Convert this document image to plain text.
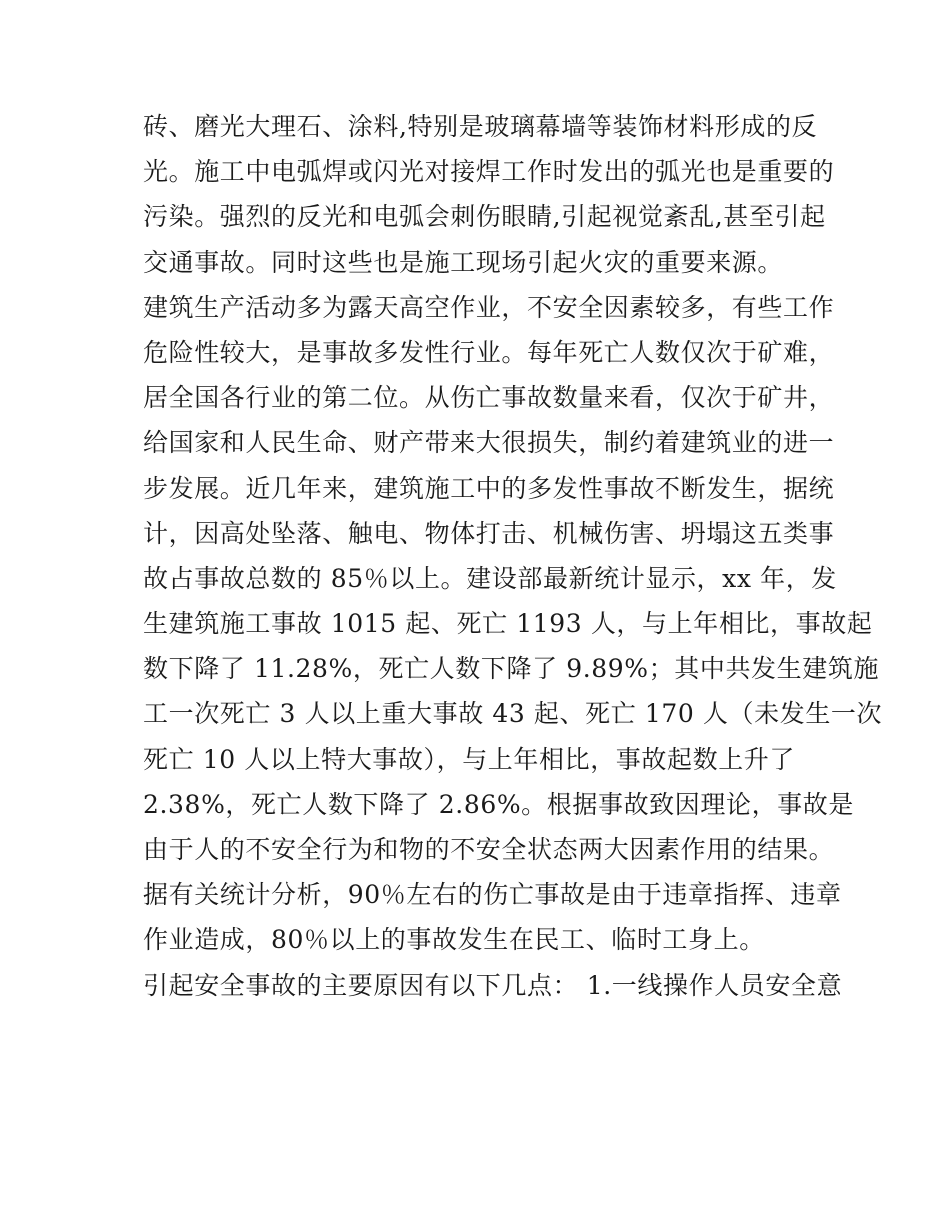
砖、磨光大理石、涂料,特别是玻璃幕墙等装饰材料形成的反
光。施工中电弧焊或闪光对接焊工作时发出的弧光也是重要的
污染。强烈的反光和电弧会刺伤眼睛,引起视觉紊乱,甚至引起
交通事故。同时这些也是施工现场引起火灾的重要来源。
建筑生产活动多为露天高空作业，不安全因素较多，有些工作
危险性较大，是事故多发性行业。每年死亡人数仅次于矿难，
居全国各行业的第二位。从伤亡事故数量来看，仅次于矿井，
给国家和人民生命、财产带来大很损失，制约着建筑业的进一
步发展。近几年来，建筑施工中的多发性事故不断发生，据统
计，因高处坠落、触电、物体打击、机械伤害、坍塌这五类事
故占事故总数的 85％以上。建设部最新统计显示，xx 年，发
生建筑施工事故 1015 起、死亡 1193 人，与上年相比，事故起
数下降了 11.28%，死亡人数下降了 9.89%；其中共发生建筑施
工一次死亡 3 人以上重大事故 43 起、死亡 170 人（未发生一次
死亡 10 人以上特大事故），与上年相比，事故起数上升了
2.38%，死亡人数下降了 2.86%。根据事故致因理论，事故是
由于人的不安全行为和物的不安全状态两大因素作用的结果。
据有关统计分析，90％左右的伤亡事故是由于违章指挥、违章
作业造成，80％以上的事故发生在民工、临时工身上。
引起安全事故的主要原因有以下几点： 1.一线操作人员安全意
